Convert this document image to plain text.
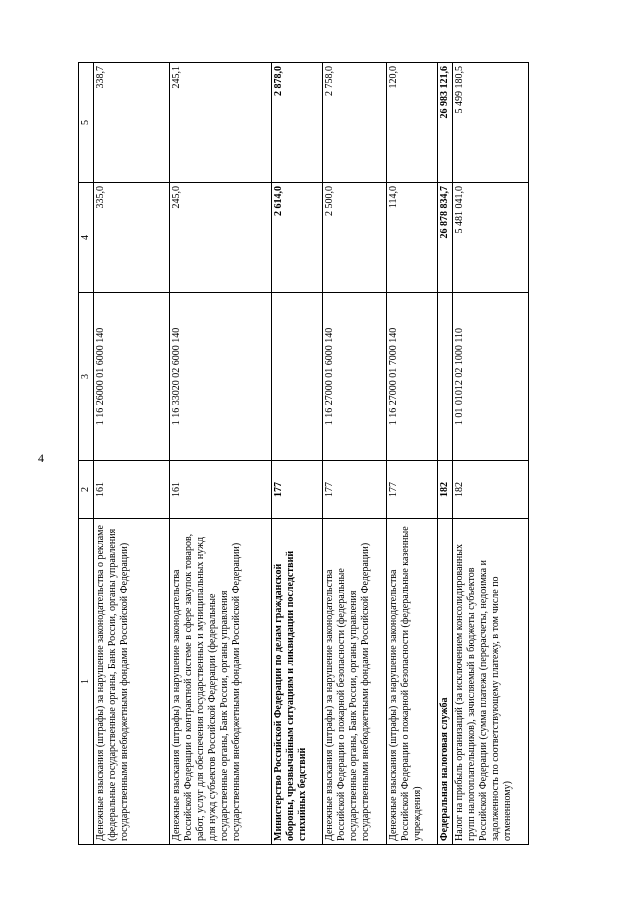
4
1	2	3	4	5
Денежные взыскания (штрафы) за нарушение законодательства о рекламе (федеральные государственные органы, Банк России, органы управления государственными внебюджетными фондами Российской Федерации)	161	1 16 26000 01 6000 140	335,0	338,7
Денежные взыскания (штрафы) за нарушение законодательства Российской Федерации о контрактной системе в сфере закупок товаров, работ, услуг для обеспечения государственных и муниципальных нужд для нужд субъектов Российской Федерации (федеральные государственные органы, Банк России, органы управления государственными внебюджетными фондами Российской Федерации)	161	1 16 33020 02 6000 140	245,0	245,1
Министерство Российской Федерации по делам гражданской обороны, чрезвычайным ситуациям и ликвидации последствий стихийных бедствий	177		2 614,0	2 878,0
Денежные взыскания (штрафы) за нарушение законодательства Российской Федерации о пожарной безопасности (федеральные государственные органы, Банк России, органы управления государственными внебюджетными фондами Российской Федерации)	177	1 16 27000 01 6000 140	2 500,0	2 758,0
Денежные взыскания (штрафы) за нарушение законодательства Российской Федерации о пожарной безопасности (федеральные казенные учреждения)	177	1 16 27000 01 7000 140	114,0	120,0
Федеральная налоговая служба	182		26 878 834,7	26 983 121,6
Налог на прибыль организаций (за исключением консолидированных групп налогоплательщиков), зачисляемый в бюджеты субъектов Российской Федерации (сумма платежа (перерасчеты, недоимка и задолженность по соответствующему платежу, в том числе по отмененному)	182	1 01 01012 02 1000 110	5 481 041,0	5 499 180,5
